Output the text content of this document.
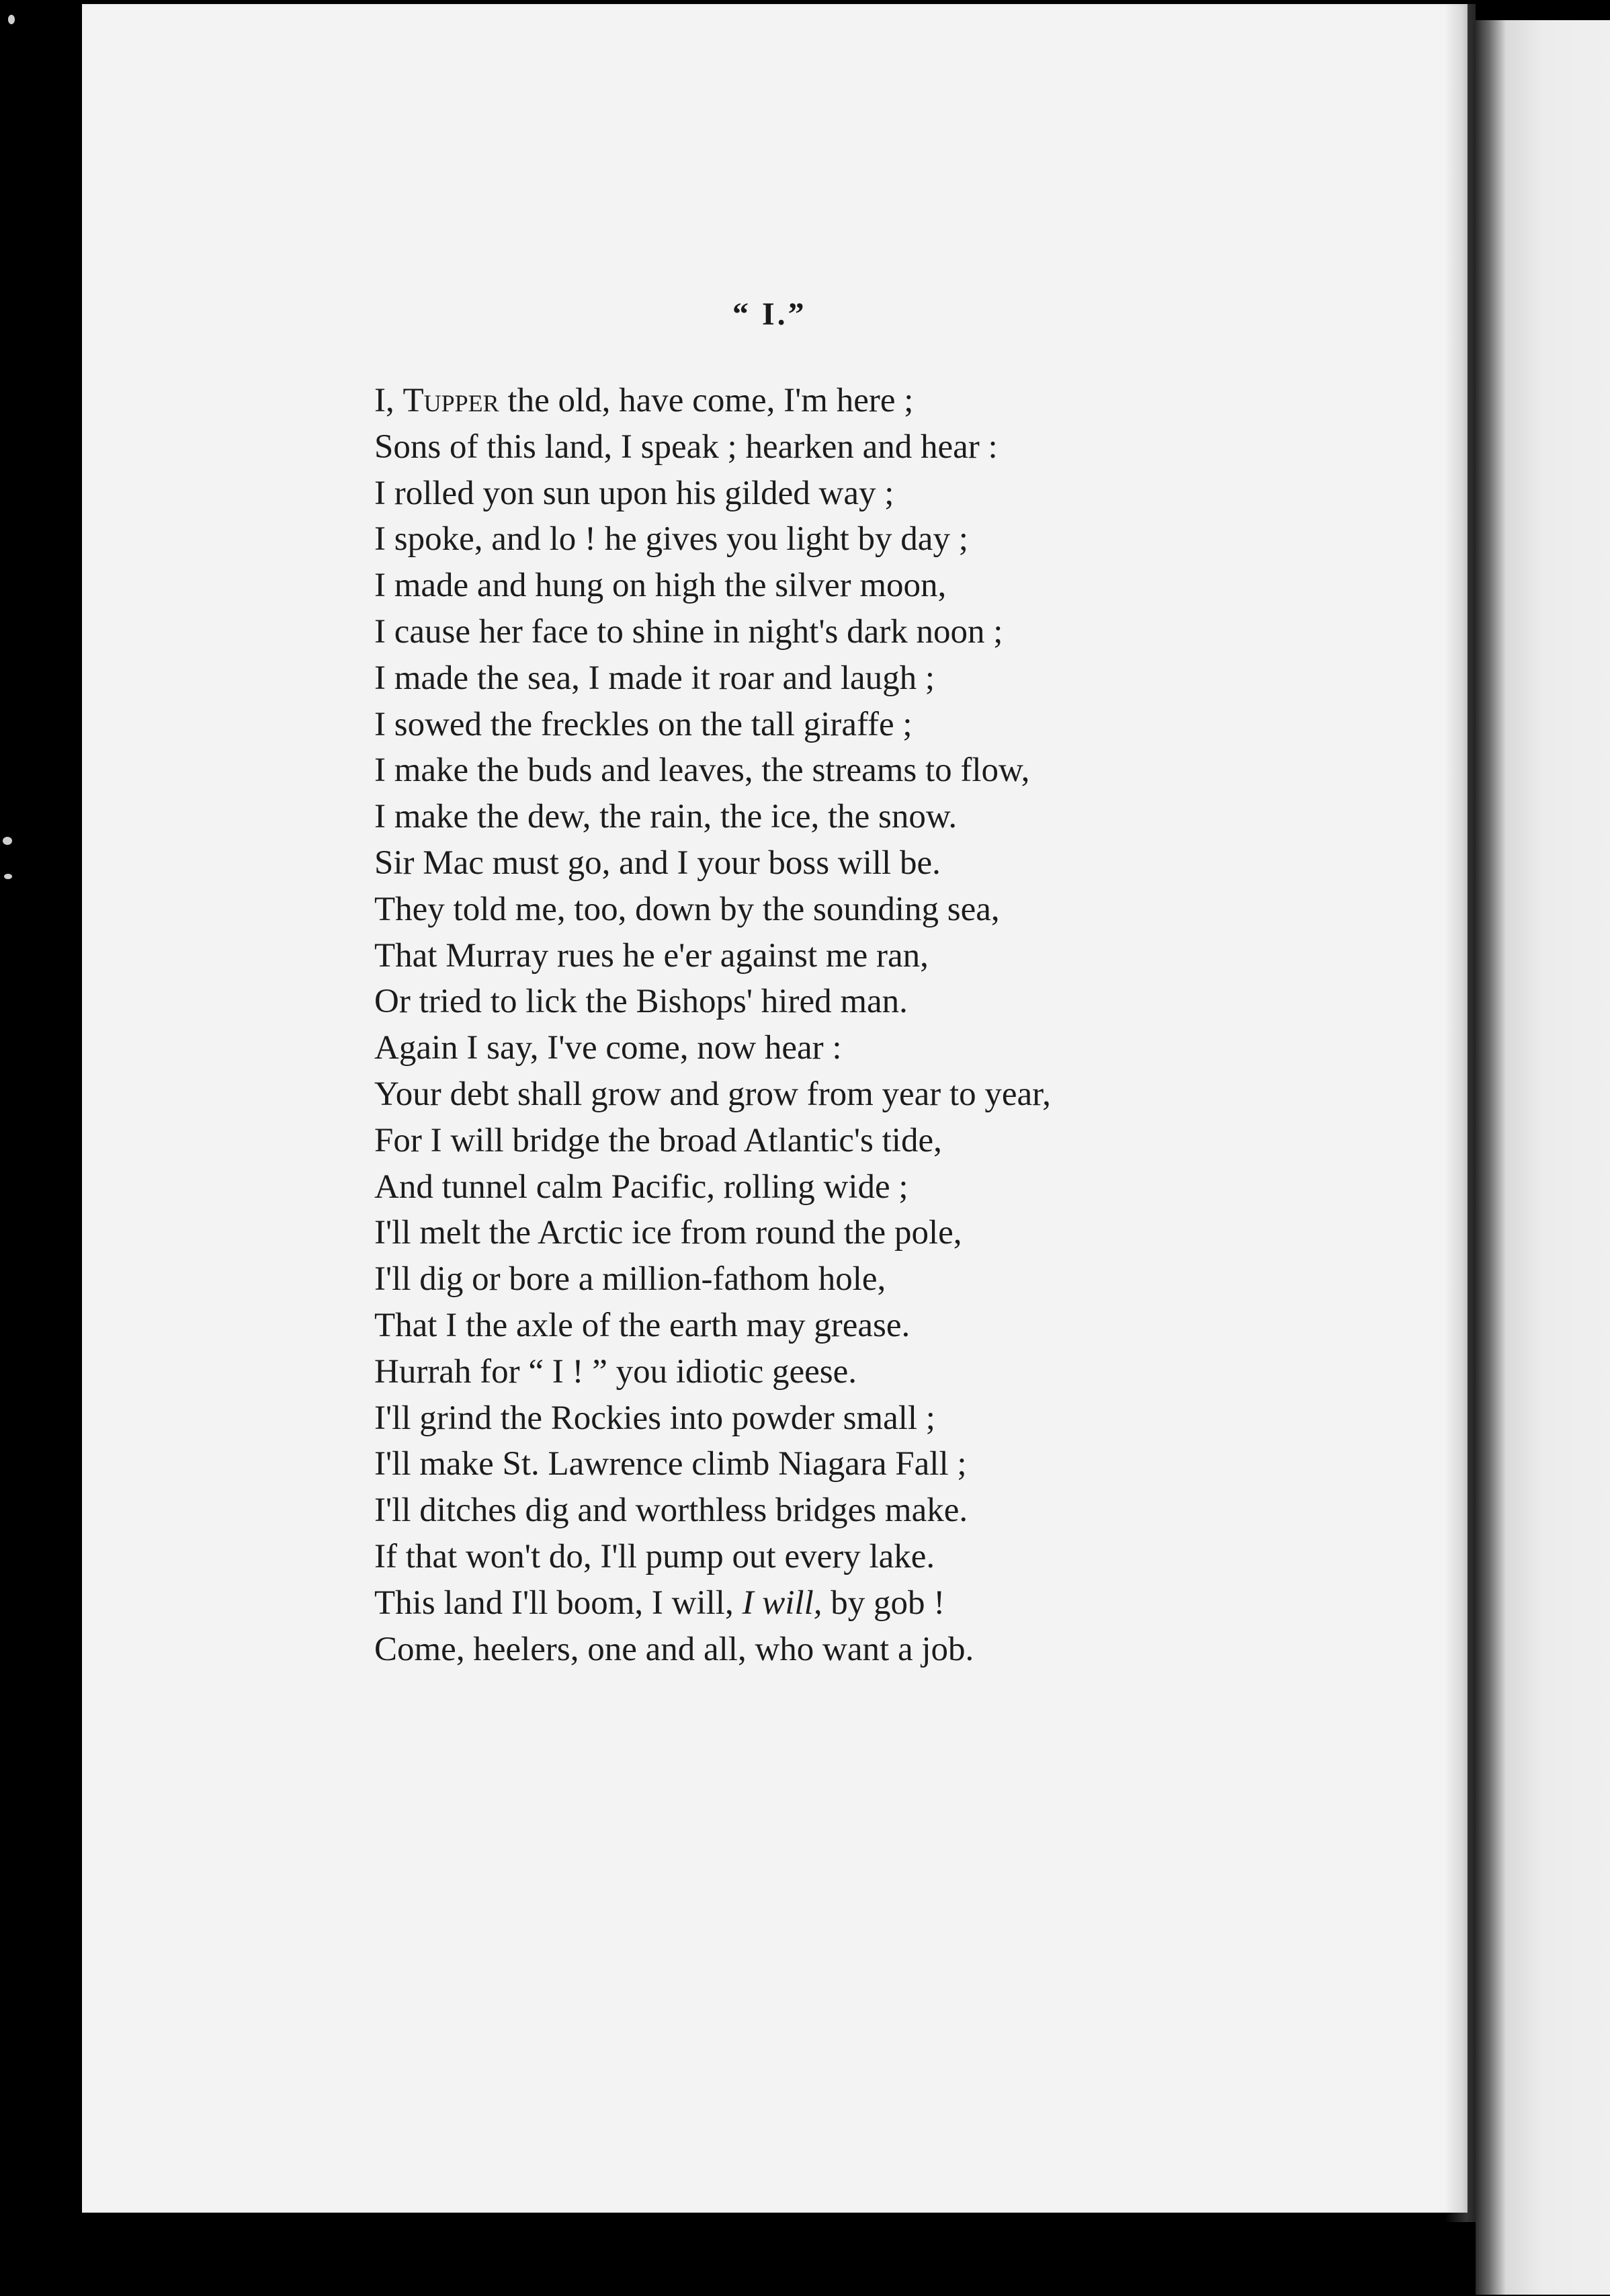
“ I.”
I, Tupper the old, have come, I'm here ;
Sons of this land, I speak ; hearken and hear :
I rolled yon sun upon his gilded way ;
I spoke, and lo ! he gives you light by day ;
I made and hung on high the silver moon,
I cause her face to shine in night's dark noon ;
I made the sea, I made it roar and laugh ;
I sowed the freckles on the tall giraffe ;
I make the buds and leaves, the streams to flow,
I make the dew, the rain, the ice, the snow.
Sir Mac must go, and I your boss will be.
They told me, too, down by the sounding sea,
That Murray rues he e'er against me ran,
Or tried to lick the Bishops' hired man.
Again I say, I've come, now hear :
Your debt shall grow and grow from year to year,
For I will bridge the broad Atlantic's tide,
And tunnel calm Pacific, rolling wide ;
I'll melt the Arctic ice from round the pole,
I'll dig or bore a million-fathom hole,
That I the axle of the earth may grease.
Hurrah for “ I ! ” you idiotic geese.
I'll grind the Rockies into powder small ;
I'll make St. Lawrence climb Niagara Fall ;
I'll ditches dig and worthless bridges make.
If that won't do, I'll pump out every lake.
This land I'll boom, I will, I will, by gob !
Come, heelers, one and all, who want a job.
